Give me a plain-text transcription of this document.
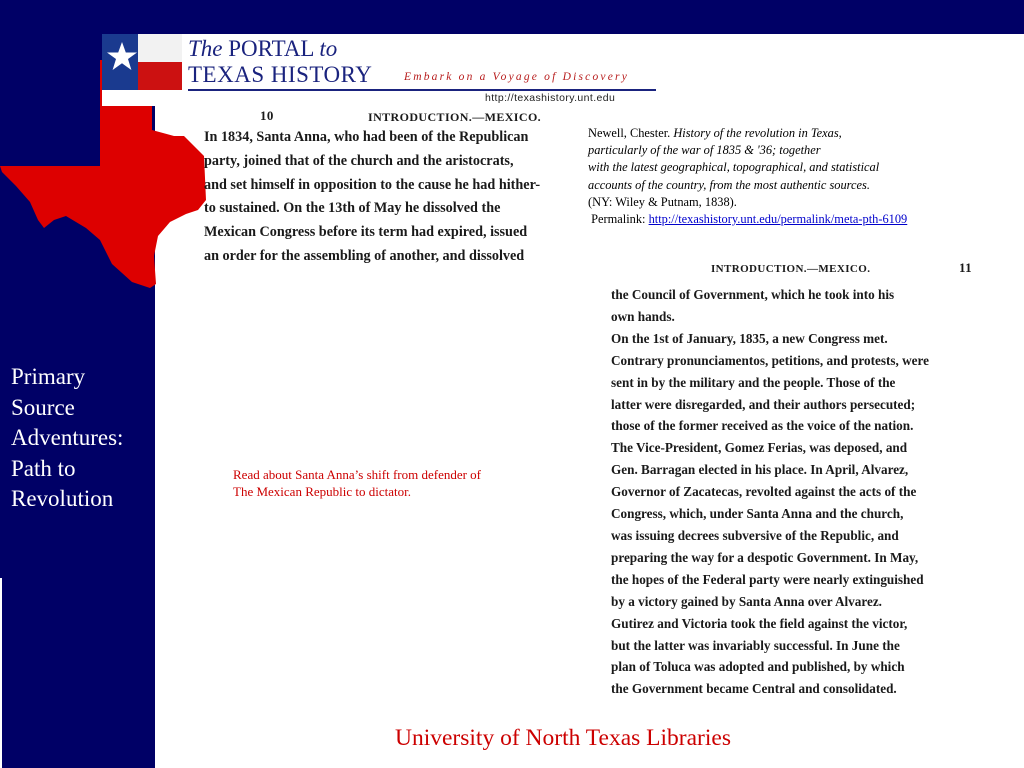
The PORTAL to
TEXAS HISTORY	Embark on a Voyage of Discovery
http://texashistory.unt.edu
Primary
Source
Adventures:
Path to
Revolution
10	INTRODUCTION.—MEXICO.
In 1834, Santa Anna, who had been of the Republican
party, joined that of the church and the aristocrats,
and set himself in opposition to the cause he had hither-
to sustained. On the 13th of May he dissolved the
Mexican Congress before its term had expired, issued
an order for the assembling of another, and dissolved
Newell, Chester. History of the revolution in Texas,
particularly of the war of 1835 & '36; together
with the latest geographical, topographical, and statistical
accounts of the country, from the most authentic sources.
(NY: Wiley & Putnam, 1838).
Permalink: http://texashistory.unt.edu/permalink/meta-pth-6109
INTRODUCTION.—MEXICO.	11
the Council of Government, which he took into his
own hands.
On the 1st of January, 1835, a new Congress met.
Contrary pronunciamentos, petitions, and protests, were
sent in by the military and the people. Those of the
latter were disregarded, and their authors persecuted;
those of the former received as the voice of the nation.
The Vice-President, Gomez Ferias, was deposed, and
Gen. Barragan elected in his place. In April, Alvarez,
Governor of Zacatecas, revolted against the acts of the
Congress, which, under Santa Anna and the church,
was issuing decrees subversive of the Republic, and
preparing the way for a despotic Government. In May,
the hopes of the Federal party were nearly extinguished
by a victory gained by Santa Anna over Alvarez.
Gutirez and Victoria took the field against the victor,
but the latter was invariably successful. In June the
plan of Toluca was adopted and published, by which
the Government became Central and consolidated.
Read about Santa Anna’s shift from defender of
The Mexican Republic to dictator.
University of North Texas Libraries
